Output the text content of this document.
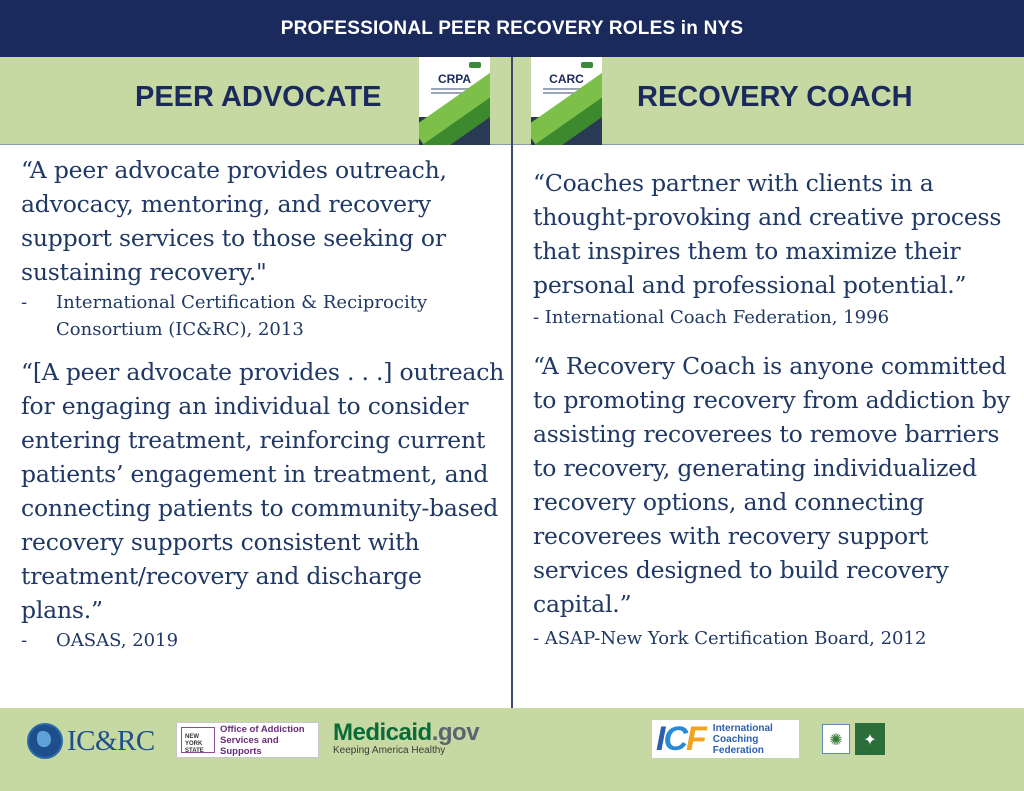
PROFESSIONAL PEER RECOVERY ROLES in NYS
PEER ADVOCATE	RECOVERY COACH
CRPA	CARC

“A peer advocate provides outreach, advocacy, mentoring, and recovery support services to those seeking or sustaining recovery."

-	International Certification & Reciprocity Consortium (IC&RC), 2013

“[A peer advocate provides . . .] outreach for engaging an individual to consider entering treatment, reinforcing current patients’ engagement in treatment, and connecting patients to community-based recovery supports consistent with treatment/recovery and discharge plans.”

-	OASAS, 2019

“Coaches partner with clients in a thought-provoking and creative process that inspires them to maximize their personal and professional potential.”

- International Coach Federation, 1996

“A Recovery Coach is anyone committed to promoting recovery from addiction by assisting recoverees to remove barriers to recovery, generating individualized recovery options, and connecting recoverees with recovery support services designed to build recovery capital.”

- ASAP-New York Certification Board, 2012
IC&RC	NEW YORK STATE
Office of Addiction Services and Supports
Medicaid.gov
Keeping America Healthy	ICF International
Coaching
Federation
✺	✦
